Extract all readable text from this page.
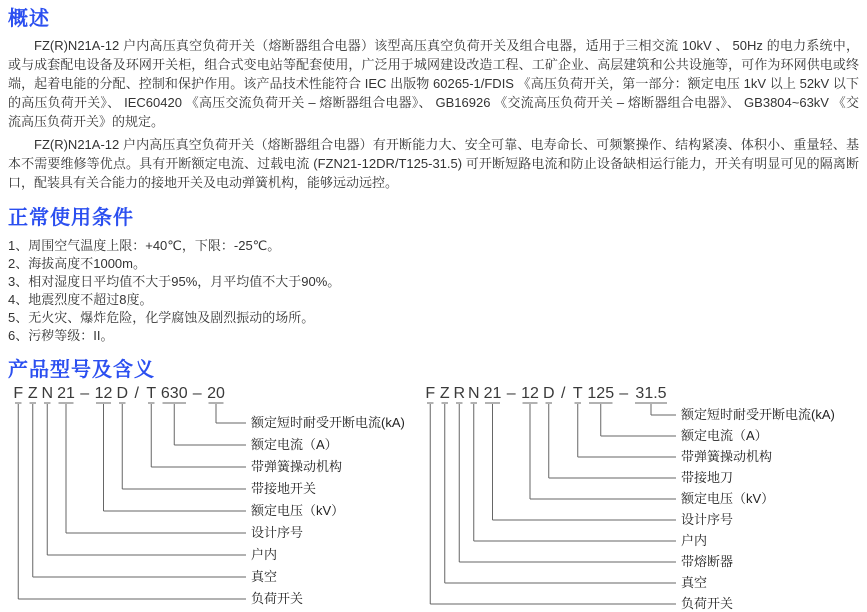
概述

FZ(R)N21A-12 户内高压真空负荷开关（熔断器组合电器）该型高压真空负荷开关及组合电器，适用于三相交流 10kV 、 50Hz 的电力系统中，或与成套配电设备及环网开关柜，组合式变电站等配套使用，广泛用于城网建设改造工程、工矿企业、高层建筑和公共设施等，可作为环网供电或终端，起着电能的分配、控制和保护作用。该产品技术性能符合 IEC 出版物 60265-1/FDIS 《高压负荷开关，第一部分：额定电压 1kV 以上 52kV 以下的高压负荷开关》、 IEC60420 《高压交流负荷开关 – 熔断器组合电器》、 GB16926 《交流高压负荷开关 – 熔断器组合电器》、 GB3804~63kV 《交流高压负荷开关》的规定。

FZ(R)N21A-12 户内高压真空负荷开关（熔断器组合电器）有开断能力大、安全可靠、电寿命长、可频繁操作、结构紧凑、体积小、重量轻、基本不需要维修等优点。具有开断额定电流、过载电流 (FZN21-12DR/T125-31.5) 可开断短路电流和防止设备缺相运行能力，开关有明显可见的隔离断口，配装具有关合能力的接地开关及电动弹簧机构，能够远动远控。

正常使用条件
1、周围空气温度上限：+40℃，下限：-25℃。
2、海拔高度不1000m。
3、相对湿度日平均值不大于95%，月平均值不大于90%。
4、地震烈度不超过8度。
5、无火灾、爆炸危险，化学腐蚀及剧烈振动的场所。
6、污秽等级：II。
产品型号及含义
F Z N 21 – 12 D / T 630 – 20
额定短时耐受开断电流(kA)
额定电流（A）
带弹簧操动机构
带接地开关
额定电压（kV）
设计序号
户内
真空
负荷开关
F Z R N 21 – 12 D / T 125 – 31.5
额定短时耐受开断电流(kA)
额定电流（A）
带弹簧操动机构
带接地刀
额定电压（kV）
设计序号
户内
带熔断器
真空
负荷开关
